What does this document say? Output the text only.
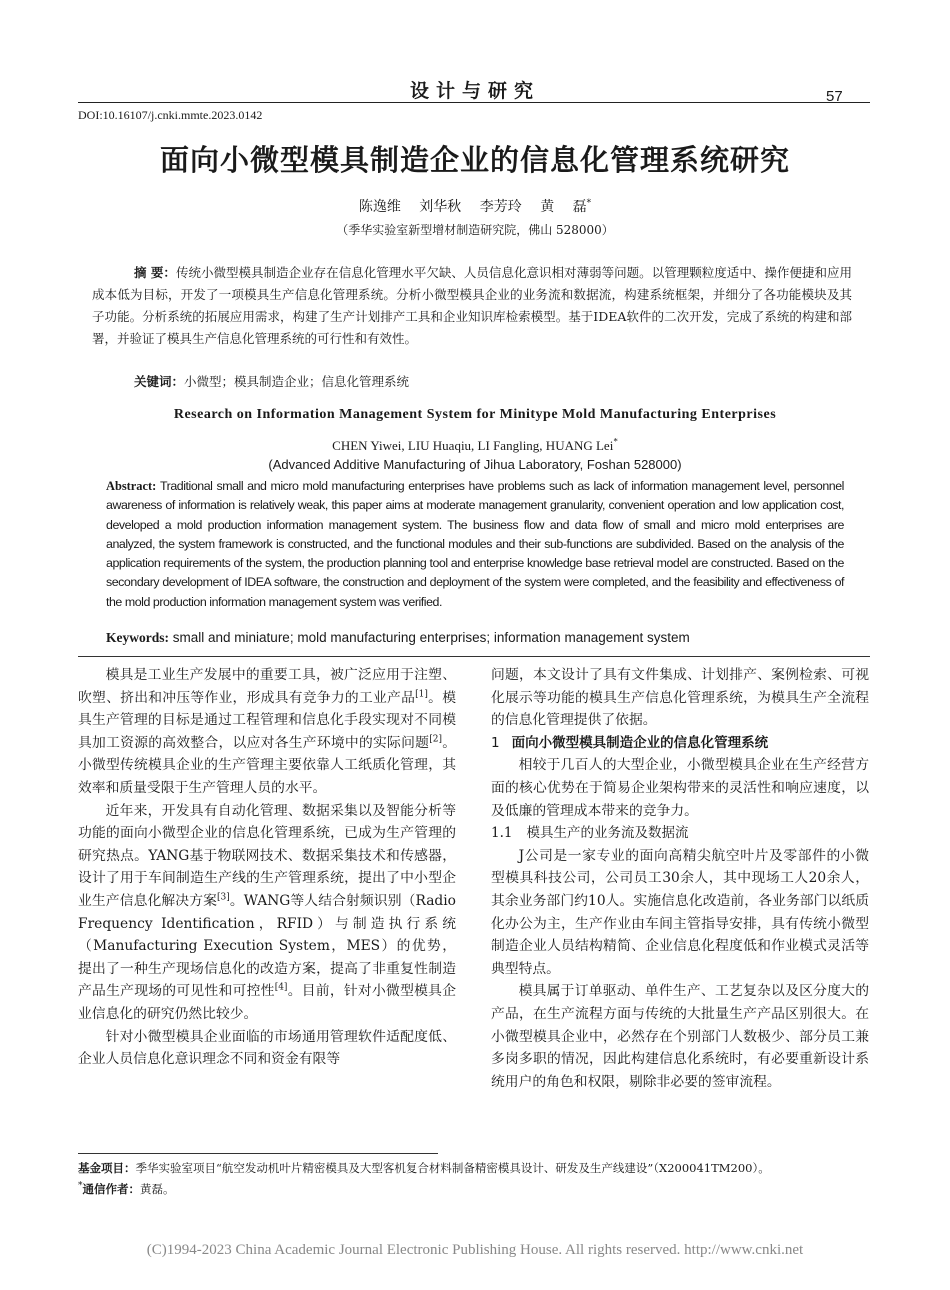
设计与研究	57
DOI:10.16107/j.cnki.mmte.2023.0142
面向小微型模具制造企业的信息化管理系统研究
陈逸维 刘华秋 李芳玲 黄 磊*
（季华实验室新型增材制造研究院，佛山 528000）
摘 要：传统小微型模具制造企业存在信息化管理水平欠缺、人员信息化意识相对薄弱等问题。以管理颗粒度适中、操作便捷和应用成本低为目标，开发了一项模具生产信息化管理系统。分析小微型模具企业的业务流和数据流，构建系统框架，并细分了各功能模块及其子功能。分析系统的拓展应用需求，构建了生产计划排产工具和企业知识库检索模型。基于IDEA软件的二次开发，完成了系统的构建和部署，并验证了模具生产信息化管理系统的可行性和有效性。
关键词：小微型；模具制造企业；信息化管理系统
Research on Information Management System for Minitype Mold Manufacturing Enterprises
CHEN Yiwei, LIU Huaqiu, LI Fangling, HUANG Lei*
(Advanced Additive Manufacturing of Jihua Laboratory, Foshan 528000)
Abstract: Traditional small and micro mold manufacturing enterprises have problems such as lack of information management level, personnel awareness of information is relatively weak, this paper aims at moderate management granularity, convenient operation and low application cost, developed a mold production information management system. The business flow and data flow of small and micro mold enterprises are analyzed, the system framework is constructed, and the functional modules and their sub-functions are subdivided. Based on the analysis of the application requirements of the system, the production planning tool and enterprise knowledge base retrieval model are constructed. Based on the secondary development of IDEA software, the construction and deployment of the system were completed, and the feasibility and effectiveness of the mold production information management system was verified.
Keywords: small and miniature; mold manufacturing enterprises; information management system

模具是工业生产发展中的重要工具，被广泛应用于注塑、吹塑、挤出和冲压等作业，形成具有竞争力的工业产品[1]。模具生产管理的目标是通过工程管理和信息化手段实现对不同模具加工资源的高效整合，以应对各生产环境中的实际问题[2]。小微型传统模具企业的生产管理主要依靠人工纸质化管理，其效率和质量受限于生产管理人员的水平。

近年来，开发具有自动化管理、数据采集以及智能分析等功能的面向小微型企业的信息化管理系统，已成为生产管理的研究热点。YANG基于物联网技术、数据采集技术和传感器，设计了用于车间制造生产线的生产管理系统，提出了中小型企业生产信息化解决方案[3]。WANG等人结合射频识别（Radio Frequency Identification，RFID）与制造执行系统（Manufacturing Execution System，MES）的优势，提出了一种生产现场信息化的改造方案，提高了非重复性制造产品生产现场的可见性和可控性[4]。目前，针对小微型模具企业信息化的研究仍然比较少。

针对小微型模具企业面临的市场通用管理软件适配度低、企业人员信息化意识理念不同和资金有限等

问题，本文设计了具有文件集成、计划排产、案例检索、可视化展示等功能的模具生产信息化管理系统，为模具生产全流程的信息化管理提供了依据。

1 面向小微型模具制造企业的信息化管理系统

相较于几百人的大型企业，小微型模具企业在生产经营方面的核心优势在于简易企业架构带来的灵活性和响应速度，以及低廉的管理成本带来的竞争力。

1.1 模具生产的业务流及数据流

J公司是一家专业的面向高精尖航空叶片及零部件的小微型模具科技公司，公司员工30余人，其中现场工人20余人，其余业务部门约10人。实施信息化改造前，各业务部门以纸质化办公为主，生产作业由车间主管指导安排，具有传统小微型制造企业人员结构精简、企业信息化程度低和作业模式灵活等典型特点。

模具属于订单驱动、单件生产、工艺复杂以及区分度大的产品，在生产流程方面与传统的大批量生产产品区别很大。在小微型模具企业中，必然存在个别部门人数极少、部分员工兼多岗多职的情况，因此构建信息化系统时，有必要重新设计系统用户的角色和权限，剔除非必要的签审流程。

基金项目：季华实验室项目“航空发动机叶片精密模具及大型客机复合材料制备精密模具设计、研发及生产线建设”（X200041TM200）。
*通信作者：黄磊。
(C)1994-2023 China Academic Journal Electronic Publishing House. All rights reserved. http://www.cnki.net
